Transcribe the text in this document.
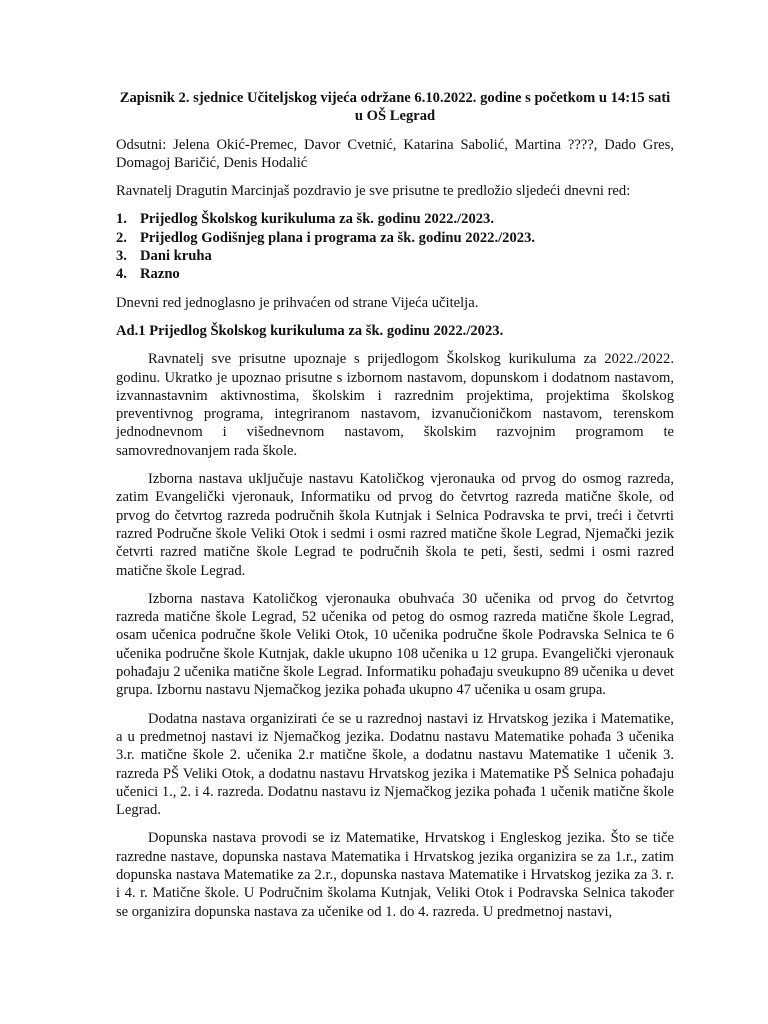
Zapisnik 2. sjednice Učiteljskog vijeća održane 6.10.2022. godine s početkom u 14:15 sati u OŠ Legrad

Odsutni: Jelena Okić-Premec, Davor Cvetnić, Katarina Sabolić, Martina ????, Dado Gres, Domagoj Baričić, Denis Hodalić

Ravnatelj Dragutin Marcinjaš pozdravio je sve prisutne te predložio sljedeći dnevni red:

1. Prijedlog Školskog kurikuluma za šk. godinu 2022./2023.
2. Prijedlog Godišnjeg plana i programa za šk. godinu 2022./2023.
3. Dani kruha
4. Razno

Dnevni red jednoglasno je prihvaćen od strane Vijeća učitelja.

Ad.1 Prijedlog Školskog kurikuluma za šk. godinu 2022./2023.

Ravnatelj sve prisutne upoznaje s prijedlogom Školskog kurikuluma za 2022./2022. godinu. Ukratko je upoznao prisutne s izbornom nastavom, dopunskom i dodatnom nastavom, izvannastavnim aktivnostima, školskim i razrednim projektima, projektima školskog preventivnog programa, integriranom nastavom, izvanučioničkom nastavom, terenskom jednodnevnom i višednevnom nastavom, školskim razvojnim programom te samovrednovanjem rada škole.

Izborna nastava uključuje nastavu Katoličkog vjeronauka od prvog do osmog razreda, zatim Evangelički vjeronauk, Informatiku od prvog do četvrtog razreda matične škole, od prvog do četvrtog razreda područnih škola Kutnjak i Selnica Podravska te prvi, treći i četvrti razred Područne škole Veliki Otok i sedmi i osmi razred matične škole Legrad, Njemački jezik četvrti razred matične škole Legrad te područnih škola te peti, šesti, sedmi i osmi razred matične škole Legrad.

Izborna nastava Katoličkog vjeronauka obuhvaća 30 učenika od prvog do četvrtog razreda matične škole Legrad, 52 učenika od petog do osmog razreda matične škole Legrad, osam učenica područne škole Veliki Otok, 10 učenika područne škole Podravska Selnica te 6 učenika područne škole Kutnjak, dakle ukupno 108 učenika u 12 grupa. Evangelički vjeronauk pohađaju 2 učenika matične škole Legrad. Informatiku pohađaju sveukupno 89 učenika u devet grupa. Izbornu nastavu Njemačkog jezika pohađa ukupno 47 učenika u osam grupa.

Dodatna nastava organizirati će se u razrednoj nastavi iz Hrvatskog jezika i Matematike, a u predmetnoj nastavi iz Njemačkog jezika. Dodatnu nastavu Matematike pohađa 3 učenika 3.r. matične škole 2. učenika 2.r matične škole, a dodatnu nastavu Matematike 1 učenik 3. razreda PŠ Veliki Otok, a dodatnu nastavu Hrvatskog jezika i Matematike PŠ Selnica pohađaju učenici 1., 2. i 4. razreda. Dodatnu nastavu iz Njemačkog jezika pohađa 1 učenik matične škole Legrad.

Dopunska nastava provodi se iz Matematike, Hrvatskog i Engleskog jezika. Što se tiče razredne nastave, dopunska nastava Matematika i Hrvatskog jezika organizira se za 1.r., zatim dopunska nastava Matematike za 2.r., dopunska nastava Matematike i Hrvatskog jezika za 3. r. i 4. r. Matične škole. U Područnim školama Kutnjak, Veliki Otok i Podravska Selnica također se organizira dopunska nastava za učenike od 1. do 4. razreda. U predmetnoj nastavi,
